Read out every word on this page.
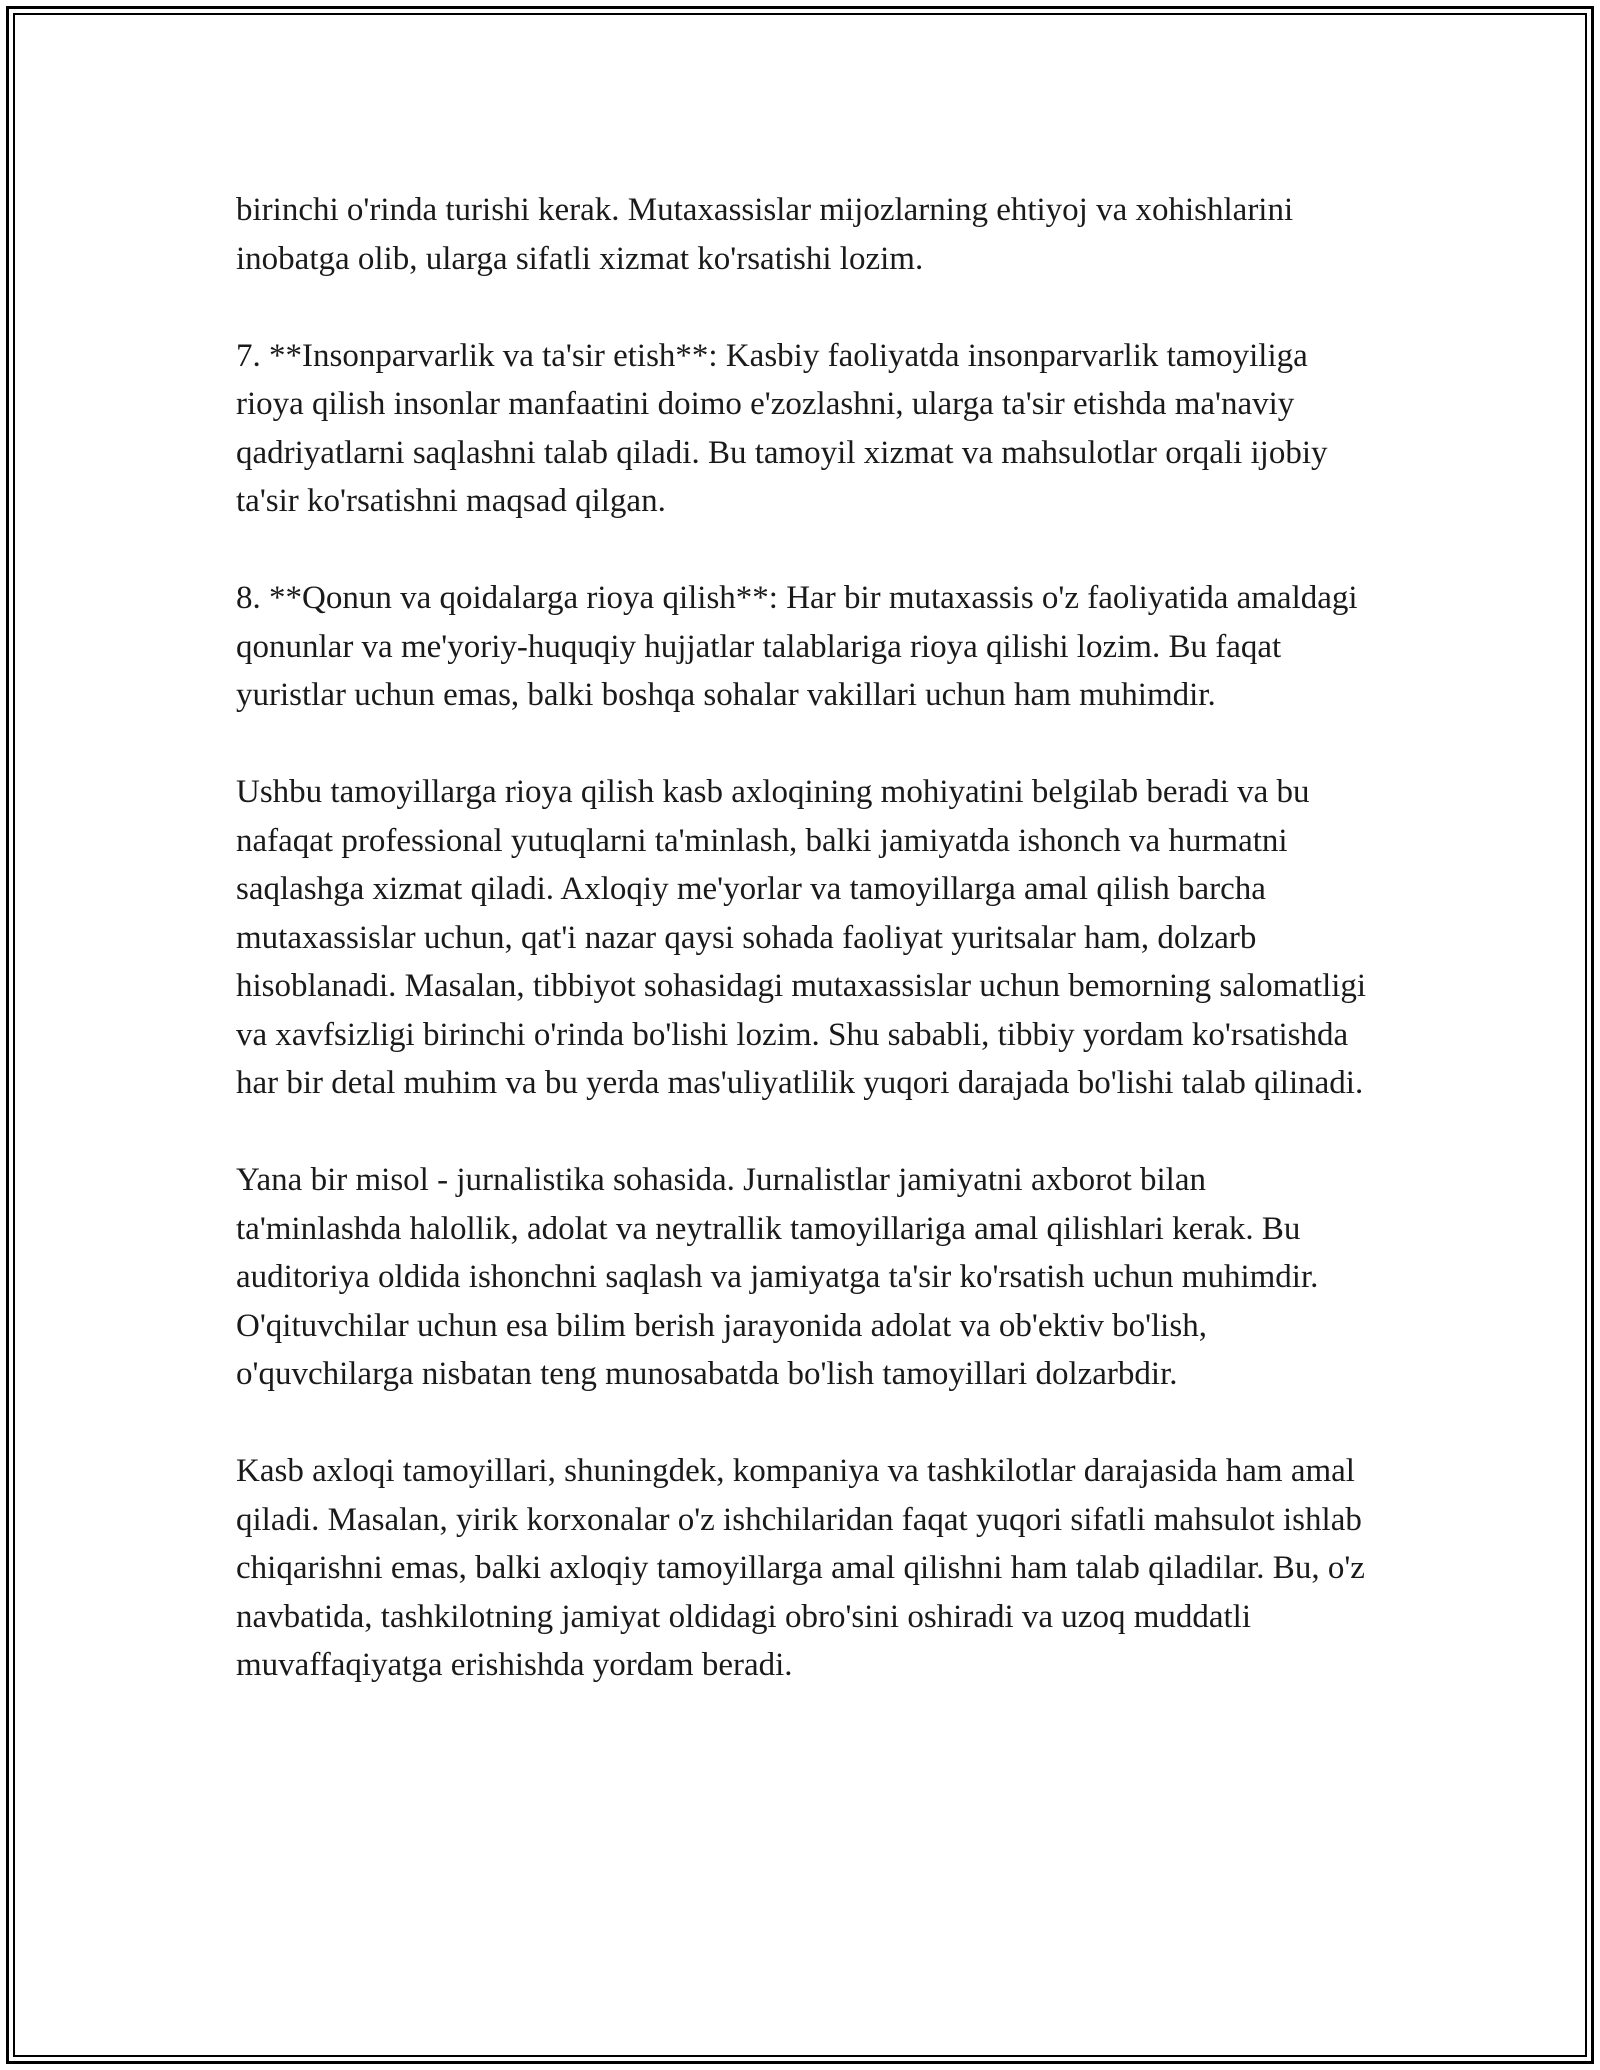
birinchi o'rinda turishi kerak. Mutaxassislar mijozlarning ehtiyoj va xohishlarini inobatga olib, ularga sifatli xizmat ko'rsatishi lozim.

7. **Insonparvarlik va ta'sir etish**: Kasbiy faoliyatda insonparvarlik tamoyiliga rioya qilish insonlar manfaatini doimo e'zozlashni, ularga ta'sir etishda ma'naviy qadriyatlarni saqlashni talab qiladi. Bu tamoyil xizmat va mahsulotlar orqali ijobiy ta'sir ko'rsatishni maqsad qilgan.

8. **Qonun va qoidalarga rioya qilish**: Har bir mutaxassis o'z faoliyatida amaldagi qonunlar va me'yoriy-huquqiy hujjatlar talablariga rioya qilishi lozim. Bu faqat yuristlar uchun emas, balki boshqa sohalar vakillari uchun ham muhimdir.

Ushbu tamoyillarga rioya qilish kasb axloqining mohiyatini belgilab beradi va bu nafaqat professional yutuqlarni ta'minlash, balki jamiyatda ishonch va hurmatni saqlashga xizmat qiladi. Axloqiy me'yorlar va tamoyillarga amal qilish barcha mutaxassislar uchun, qat'i nazar qaysi sohada faoliyat yuritsalar ham, dolzarb hisoblanadi. Masalan, tibbiyot sohasidagi mutaxassislar uchun bemorning salomatligi va xavfsizligi birinchi o'rinda bo'lishi lozim. Shu sababli, tibbiy yordam ko'rsatishda har bir detal muhim va bu yerda mas'uliyatlilik yuqori darajada bo'lishi talab qilinadi.

Yana bir misol - jurnalistika sohasida. Jurnalistlar jamiyatni axborot bilan ta'minlashda halollik, adolat va neytrallik tamoyillariga amal qilishlari kerak. Bu auditoriya oldida ishonchni saqlash va jamiyatga ta'sir ko'rsatish uchun muhimdir. O'qituvchilar uchun esa bilim berish jarayonida adolat va ob'ektiv bo'lish, o'quvchilarga nisbatan teng munosabatda bo'lish tamoyillari dolzarbdir.

Kasb axloqi tamoyillari, shuningdek, kompaniya va tashkilotlar darajasida ham amal qiladi. Masalan, yirik korxonalar o'z ishchilaridan faqat yuqori sifatli mahsulot ishlab chiqarishni emas, balki axloqiy tamoyillarga amal qilishni ham talab qiladilar. Bu, o'z navbatida, tashkilotning jamiyat oldidagi obro'sini oshiradi va uzoq muddatli muvaffaqiyatga erishishda yordam beradi.
